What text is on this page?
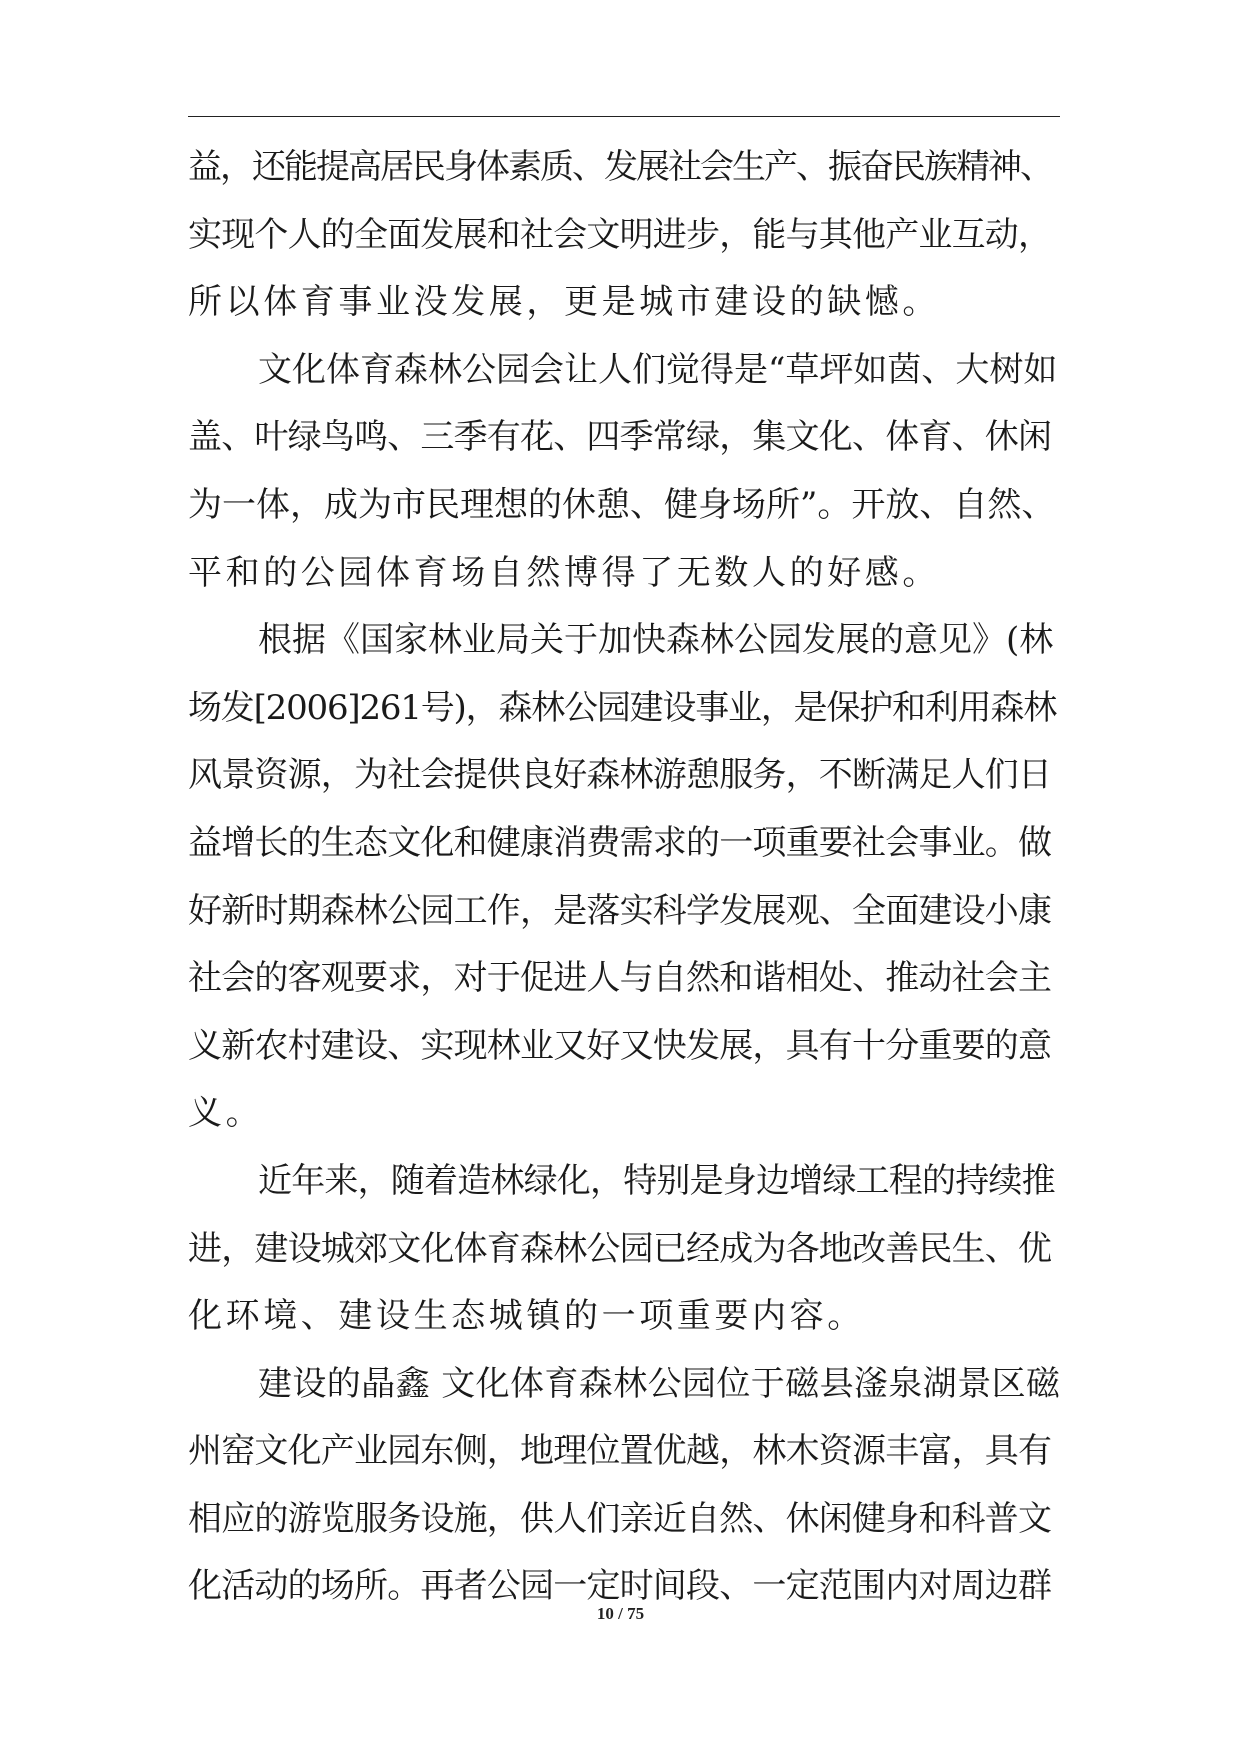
益，还能提高居民身体素质、发展社会生产、振奋民族精神、
实现个人的全面发展和社会文明进步，能与其他产业互动，
所以体育事业没发展，更是城市建设的缺憾。
文化体育森林公园会让人们觉得是“草坪如茵、大树如
盖、叶绿鸟鸣、三季有花、四季常绿，集文化、体育、休闲
为一体，成为市民理想的休憩、健身场所”。开放、自然、
平和的公园体育场自然博得了无数人的好感。
根据《国家林业局关于加快森林公园发展的意见》(林
场发[2006]261号)，森林公园建设事业，是保护和利用森林
风景资源，为社会提供良好森林游憩服务，不断满足人们日
益增长的生态文化和健康消费需求的一项重要社会事业。做
好新时期森林公园工作，是落实科学发展观、全面建设小康
社会的客观要求，对于促进人与自然和谐相处、推动社会主
义新农村建设、实现林业又好又快发展，具有十分重要的意
义。
近年来，随着造林绿化，特别是身边增绿工程的持续推
进，建设城郊文化体育森林公园已经成为各地改善民生、优
化环境、建设生态城镇的一项重要内容。
建设的晶鑫 文化体育森林公园位于磁县滏泉湖景区磁
州窑文化产业园东侧，地理位置优越，林木资源丰富，具有
相应的游览服务设施，供人们亲近自然、休闲健身和科普文
化活动的场所。再者公园一定时间段、一定范围内对周边群
10 / 75
